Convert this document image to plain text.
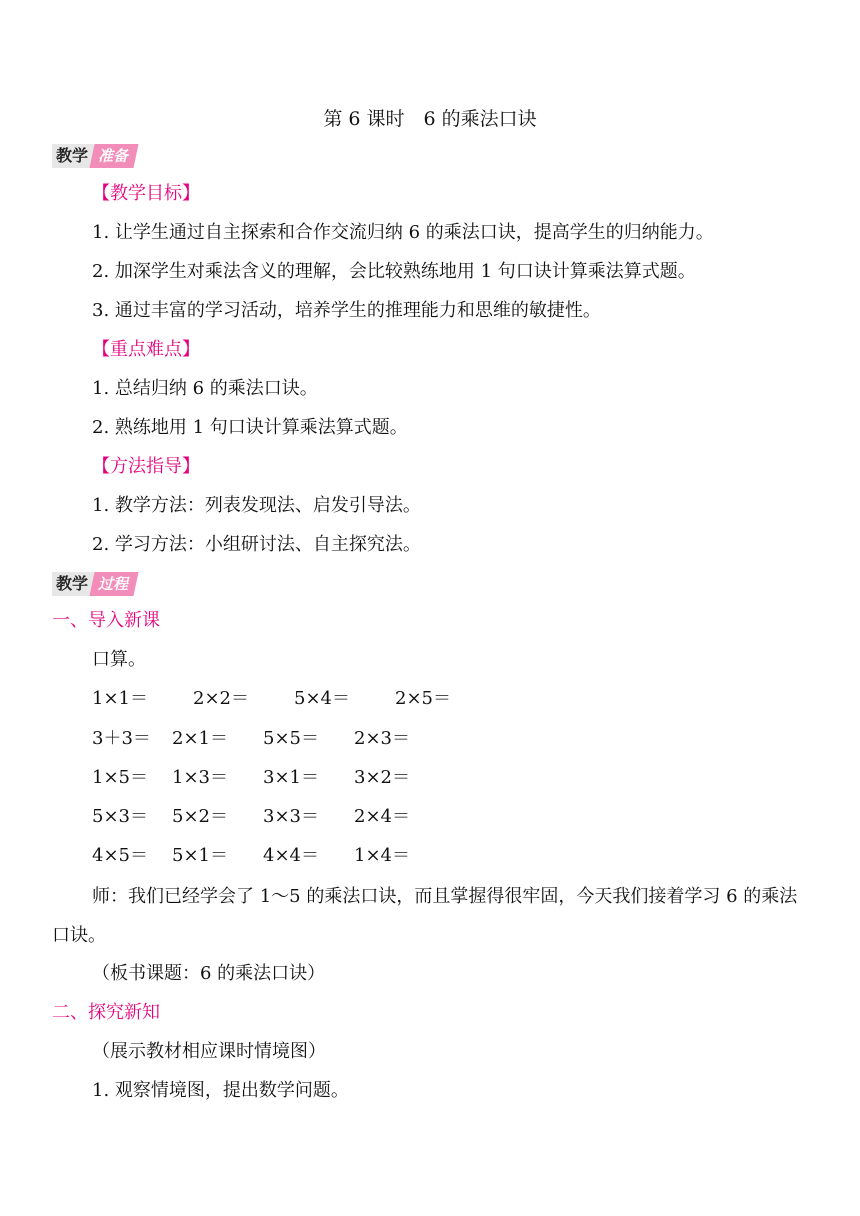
第 6 课时　6 的乘法口诀
教学 准备
【教学目标】
1. 让学生通过自主探索和合作交流归纳 6 的乘法口诀，提高学生的归纳能力。
2. 加深学生对乘法含义的理解，会比较熟练地用 1 句口诀计算乘法算式题。
3. 通过丰富的学习活动，培养学生的推理能力和思维的敏捷性。
【重点难点】
1. 总结归纳 6 的乘法口诀。
2. 熟练地用 1 句口诀计算乘法算式题。
【方法指导】
1. 教学方法：列表发现法、启发引导法。
2. 学习方法：小组研讨法、自主探究法。
教学 过程
一、导入新课
口算。
1×1＝	2×2＝	5×4＝	2×5＝
3＋3＝ 2×1＝ 5×5＝ 2×3＝
1×5＝ 1×3＝ 3×1＝ 3×2＝
5×3＝ 5×2＝ 3×3＝ 2×4＝
4×5＝ 5×1＝ 4×4＝ 1×4＝
师：我们已经学会了 1～5 的乘法口诀，而且掌握得很牢固，今天我们接着学习 6 的乘法口诀。
（板书课题：6 的乘法口诀）
二、探究新知
（展示教材相应课时情境图）
1. 观察情境图，提出数学问题。
